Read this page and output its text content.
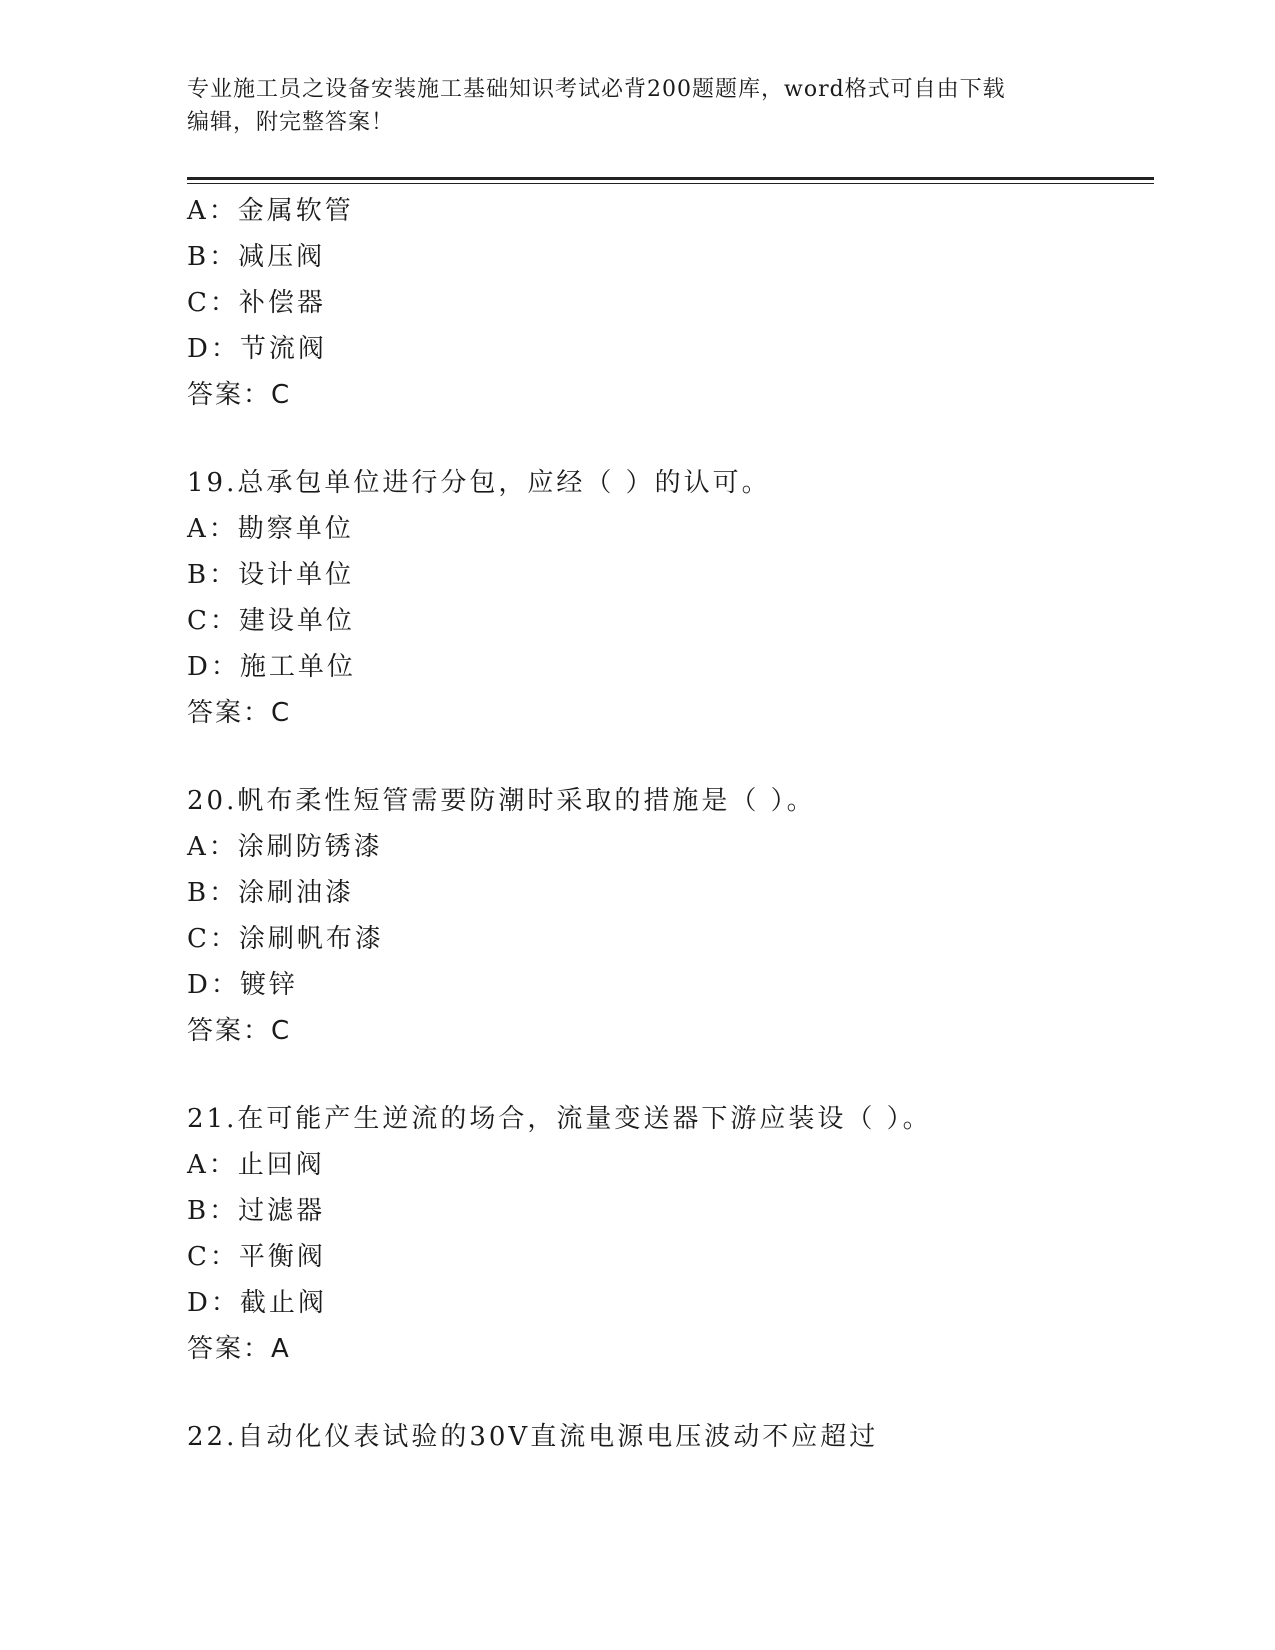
专业施工员之设备安装施工基础知识考试必背200题题库，word格式可自由下载
编辑，附完整答案！
A：金属软管
B：减压阀
C：补偿器
D：节流阀
答案：C
19.总承包单位进行分包，应经（ ）的认可。
A：勘察单位
B：设计单位
C：建设单位
D：施工单位
答案：C
20.帆布柔性短管需要防潮时采取的措施是（ ）。
A：涂刷防锈漆
B：涂刷油漆
C：涂刷帆布漆
D：镀锌
答案：C
21.在可能产生逆流的场合，流量变送器下游应装设（ ）。
A：止回阀
B：过滤器
C：平衡阀
D：截止阀
答案：A
22.自动化仪表试验的30V直流电源电压波动不应超过
